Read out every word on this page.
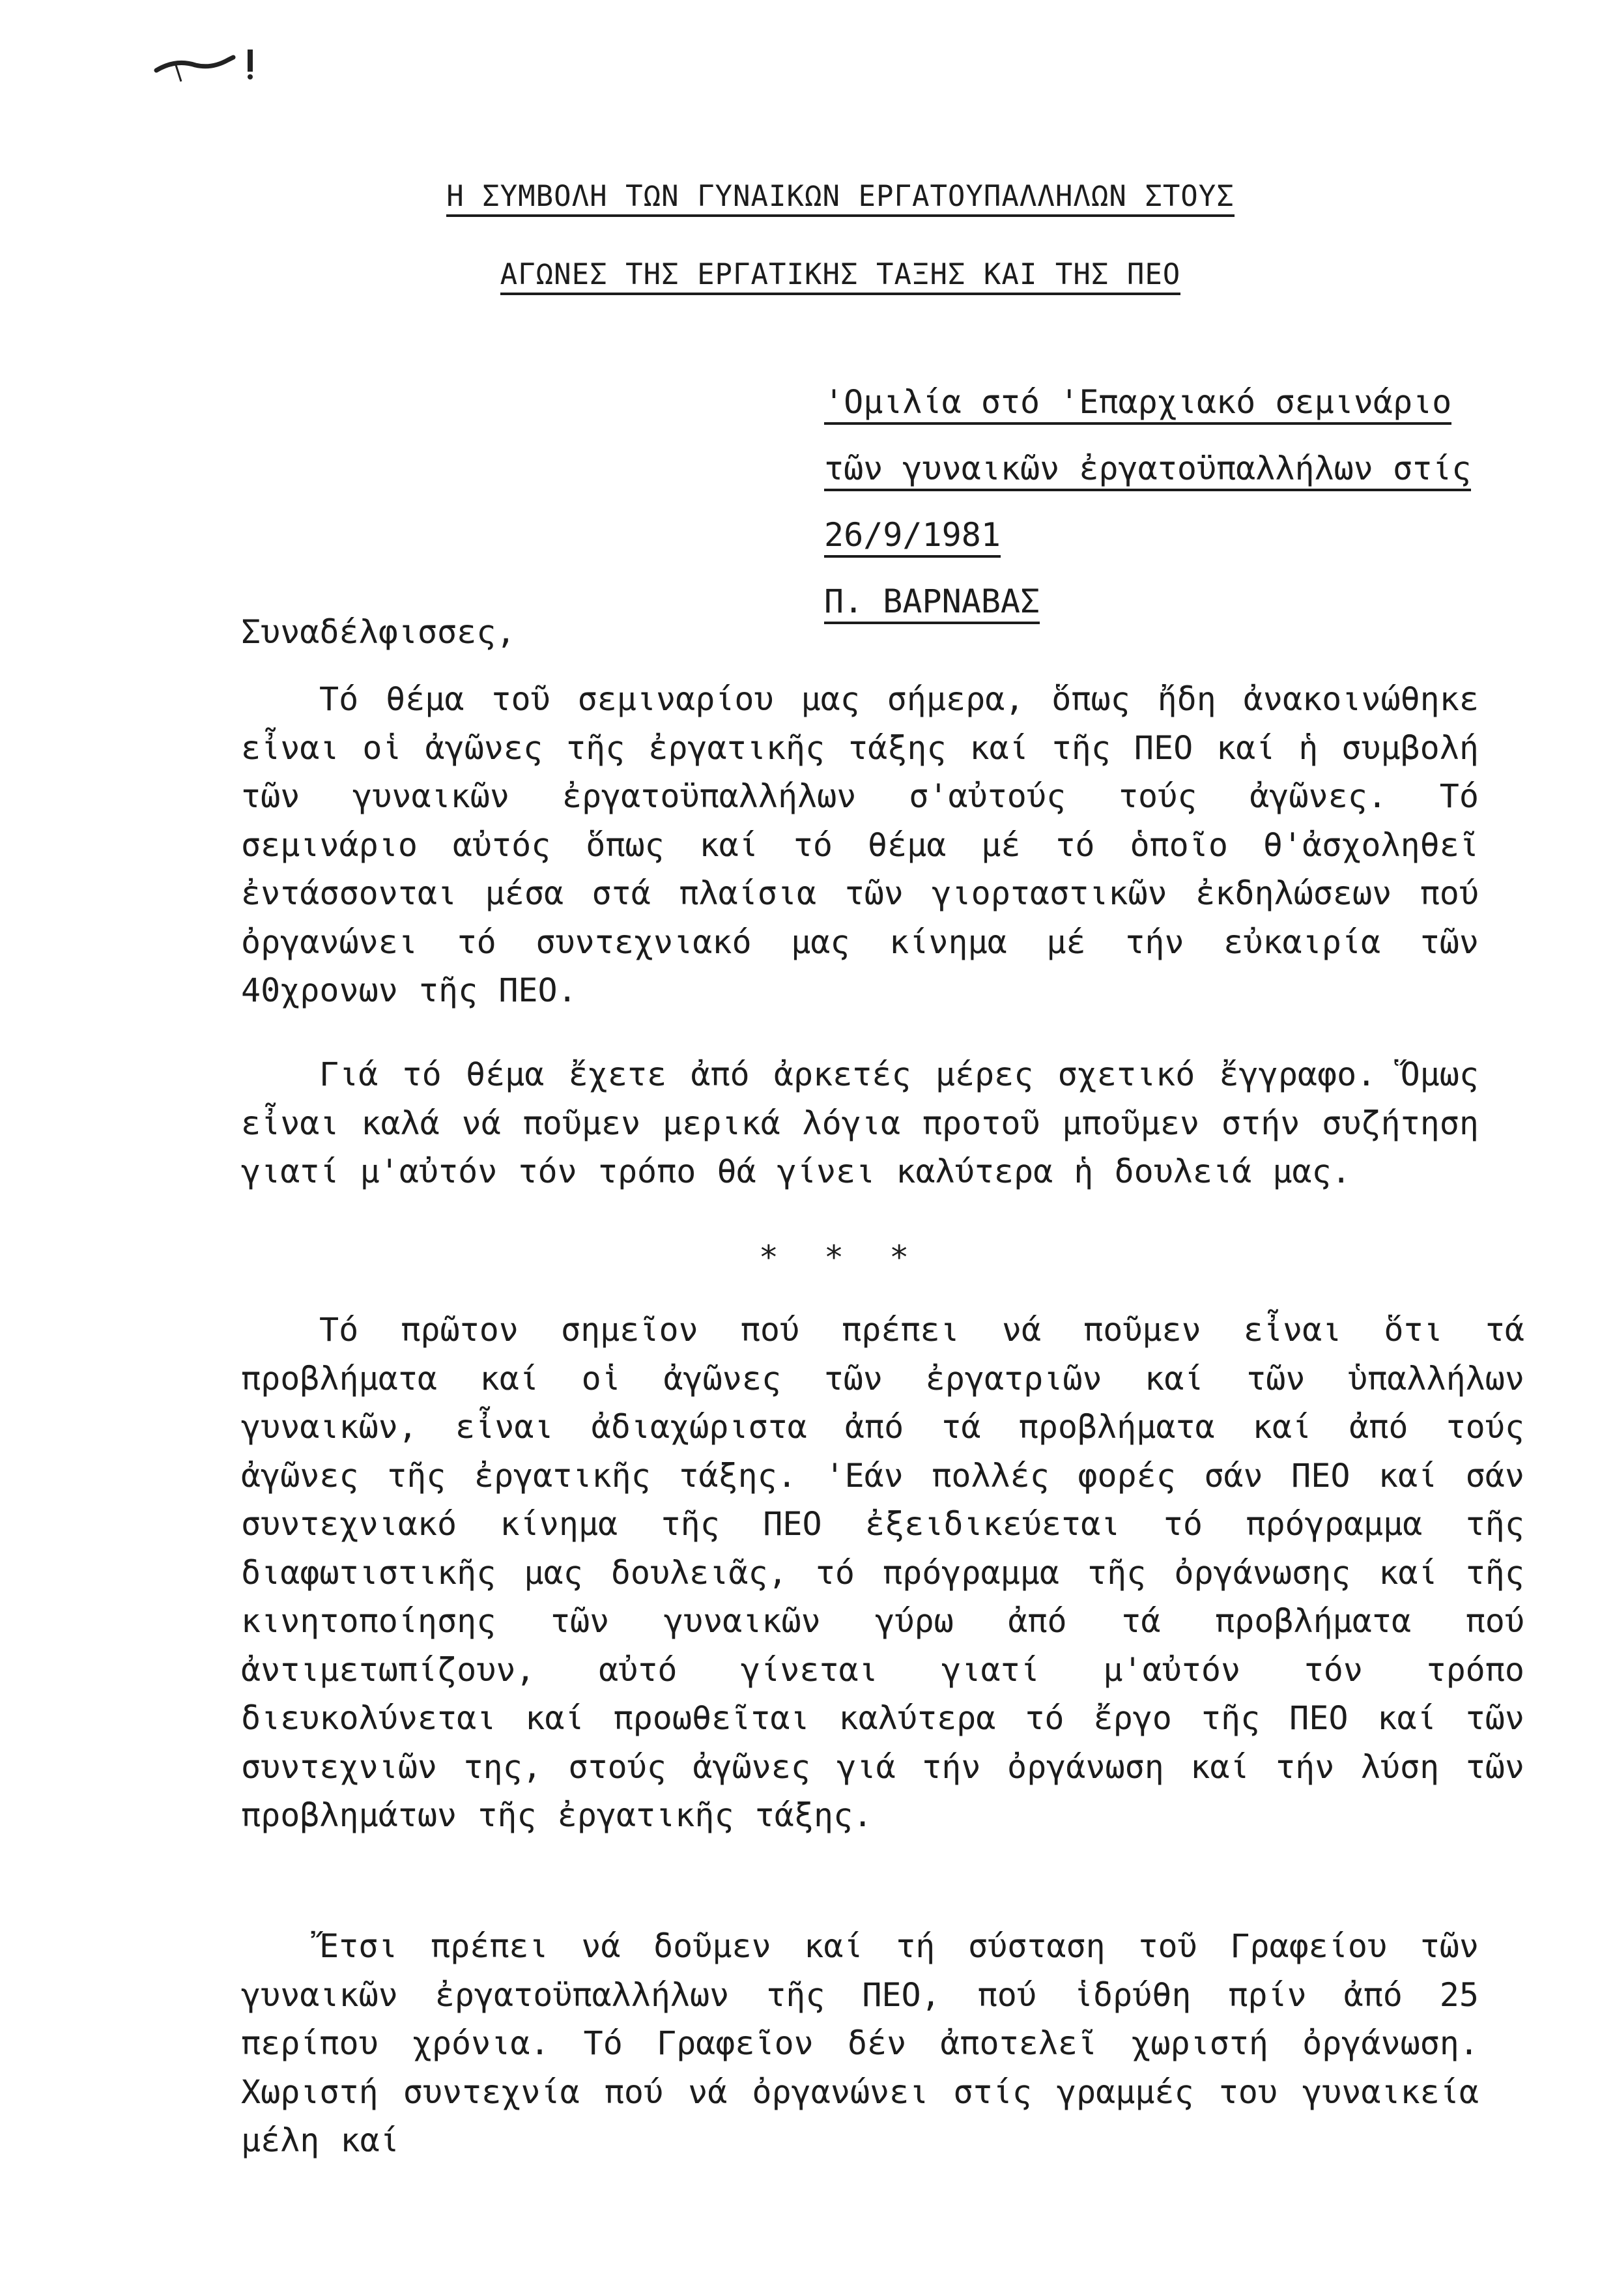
Η ΣΥΜΒΟΛΗ ΤΩΝ ΓΥΝΑΙΚΩΝ ΕΡΓΑΤΟΥΠΑΛΛΗΛΩΝ ΣΤΟΥΣ
ΑΓΩΝΕΣ ΤΗΣ ΕΡΓΑΤΙΚΗΣ ΤΑΞΗΣ ΚΑΙ ΤΗΣ ΠΕΟ
'Ομιλία στό 'Επαρχιακό σεμινάριο
τῶν γυναικῶν ἐργατοϋπαλλήλων στίς
26/9/1981
Π. ΒΑΡΝΑΒΑΣ
Συναδέλφισσες,
Τό θέμα τοῦ σεμιναρίου μας σήμερα, ὅπως ἤδη ἀνακοινώθηκε εἶναι οἱ ἀγῶνες τῆς ἐργατικῆς τάξης καί τῆς ΠΕΟ καί ἡ συμβολή τῶν γυναικῶν ἐργατοϋπαλλήλων σ'αὐτούς τούς ἀγῶνες. Τό σεμινάριο αὐτός ὅπως καί τό θέμα μέ τό ὁποῖο θ'ἀσχοληθεῖ ἐντάσσονται μέσα στά πλαίσια τῶν γιορταστικῶν ἐκδηλώσεων πού ὀργανώνει τό συντεχνιακό μας κίνημα μέ τήν εὐκαιρία τῶν 40χρονων τῆς ΠΕΟ.
Γιά τό θέμα ἔχετε ἀπό ἀρκετές μέρες σχετικό ἔγγραφο. Ὅμως εἶναι καλά νά ποῦμεν μερικά λόγια προτοῦ μποῦμεν στήν συζήτηση γιατί μ'αὐτόν τόν τρόπο θά γίνει καλύτερα ἡ δουλειά μας.
* * *
Τό πρῶτον σημεῖον πού πρέπει νά ποῦμεν εἶναι ὅτι τά προβλήματα καί οἱ ἀγῶνες τῶν ἐργατριῶν καί τῶν ὑπαλλήλων γυναικῶν, εἶναι ἀδιαχώριστα ἀπό τά προβλήματα καί ἀπό τούς ἀγῶνες τῆς ἐργατικῆς τάξης. 'Εάν πολλές φορές σάν ΠΕΟ καί σάν συντεχνιακό κίνημα τῆς ΠΕΟ ἐξειδικεύεται τό πρόγραμμα τῆς διαφωτιστικῆς μας δουλειᾶς, τό πρόγραμμα τῆς ὀργάνωσης καί τῆς κινητοποίησης τῶν γυναικῶν γύρω ἀπό τά προβλήματα πού ἀντιμετωπίζουν, αὐτό γίνεται γιατί μ'αὐτόν τόν τρόπο διευκολύνεται καί προωθεῖται καλύτερα τό ἔργο τῆς ΠΕΟ καί τῶν συντεχνιῶν της, στούς ἀγῶνες γιά τήν ὀργάνωση καί τήν λύση τῶν προβλημάτων τῆς ἐργατικῆς τάξης.
Ἔτσι πρέπει νά δοῦμεν καί τή σύσταση τοῦ Γραφείου τῶν γυναικῶν ἐργατοϋπαλλήλων τῆς ΠΕΟ, πού ἱδρύθη πρίν ἀπό 25 περίπου χρόνια. Τό Γραφεῖον δέν ἀποτελεῖ χωριστή ὀργάνωση. Χωριστή συντεχνία πού νά ὀργανώνει στίς γραμμές του γυναικεία μέλη καί
